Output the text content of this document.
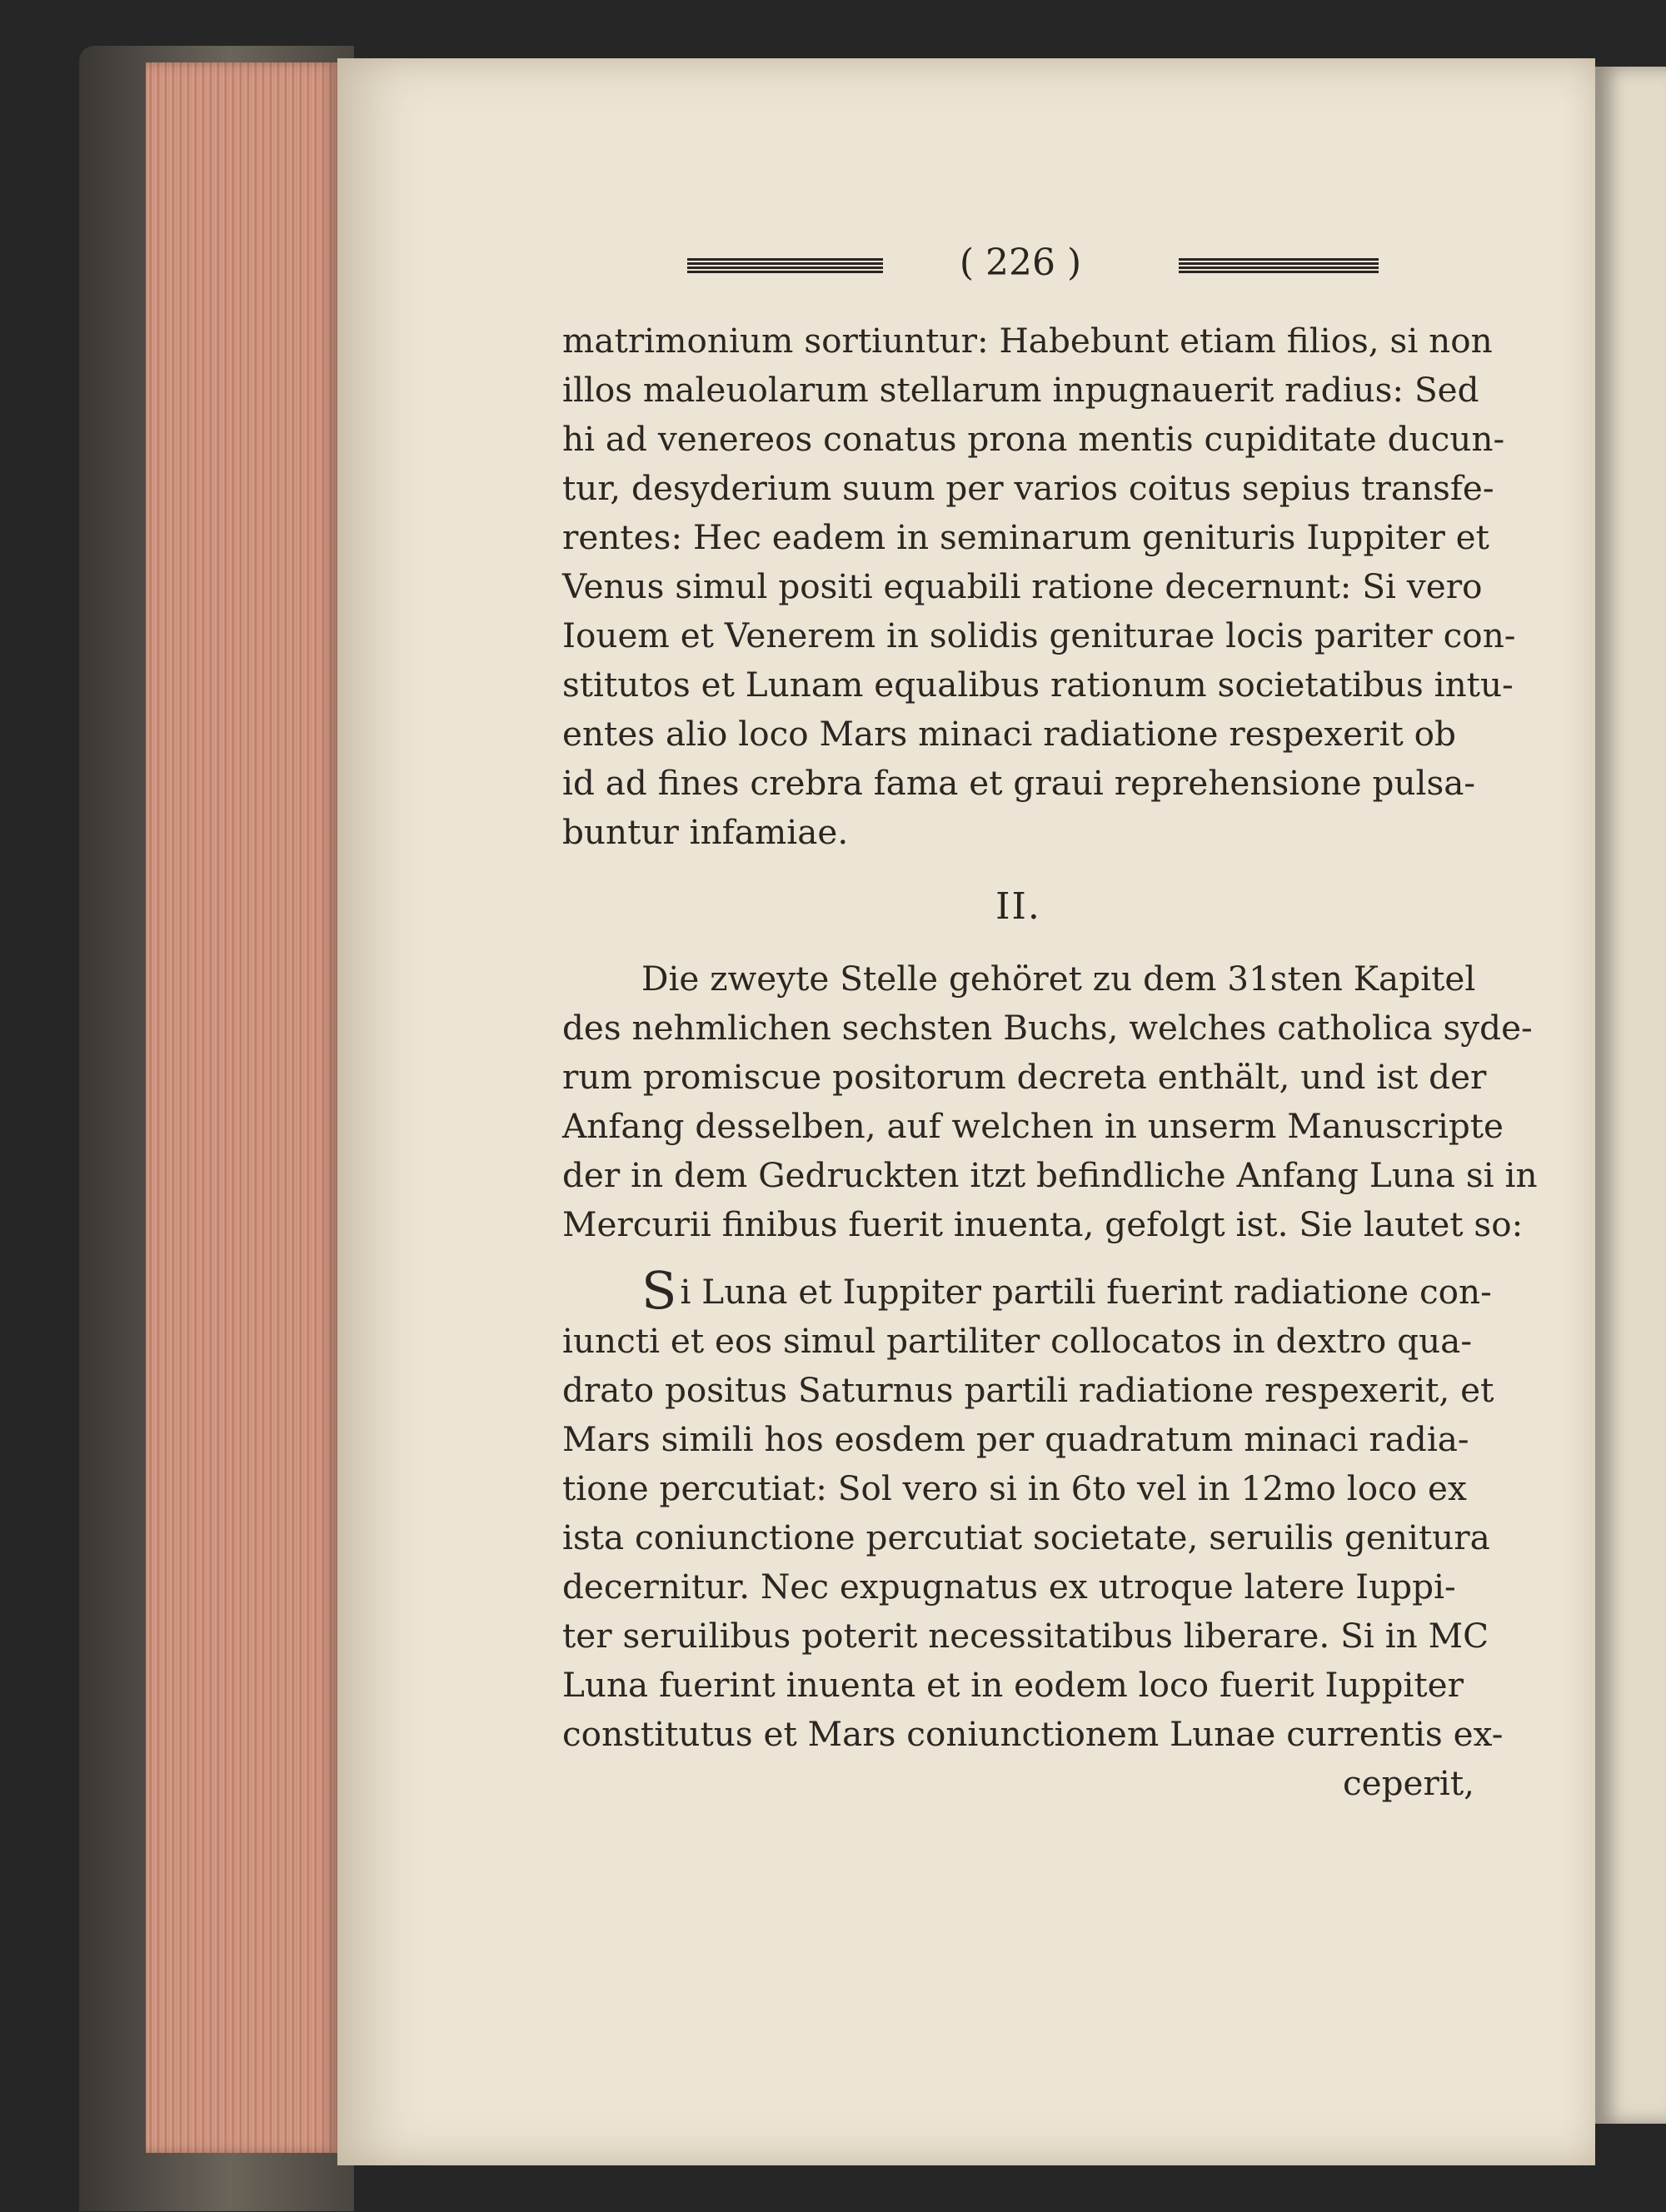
( 226 )

matrimonium sortiuntur: Habebunt etiam filios, si non
illos maleuolarum stellarum inpugnauerit radius: Sed
hi ad venereos conatus prona mentis cupiditate ducun-
tur, desyderium suum per varios coitus sepius transfe-
rentes: Hec eadem in seminarum genituris Iuppiter et
Venus simul positi equabili ratione decernunt: Si vero
Iouem et Venerem in solidis geniturae locis pariter con-
stitutos et Lunam equalibus rationum societatibus intu-
entes alio loco Mars minaci radiatione respexerit ob
id ad fines crebra fama et graui reprehensione pulsa-
buntur infamiae.

II.

Die zweyte Stelle gehöret zu dem 31sten Kapitel
des nehmlichen sechsten Buchs, welches catholica syde-
rum promiscue positorum decreta enthält, und ist der
Anfang desselben, auf welchen in unserm Manuscripte
der in dem Gedruckten itzt befindliche Anfang Luna si in
Mercurii finibus fuerit inuenta, gefolgt ist. Sie lautet so:

Si Luna et Iuppiter partili fuerint radiatione con-
iuncti et eos simul partiliter collocatos in dextro qua-
drato positus Saturnus partili radiatione respexerit, et
Mars simili hos eosdem per quadratum minaci radia-
tione percutiat: Sol vero si in 6to vel in 12mo loco ex
ista coniunctione percutiat societate, seruilis genitura
decernitur. Nec expugnatus ex utroque latere Iuppi-
ter seruilibus poterit necessitatibus liberare. Si in MC
Luna fuerint inuenta et in eodem loco fuerit Iuppiter
constitutus et Mars coniunctionem Lunae currentis ex-
ceperit,
